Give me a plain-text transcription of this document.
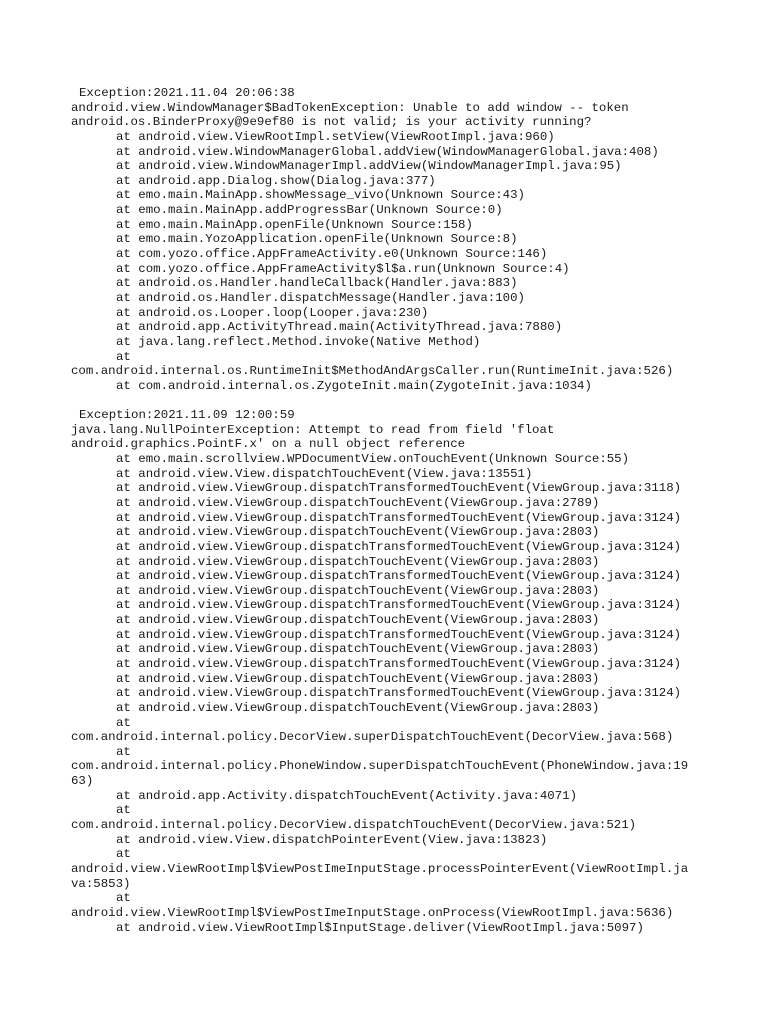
Exception:2021.11.04 20:06:38
android.view.WindowManager$BadTokenException: Unable to add window -- token
android.os.BinderProxy@9e9ef80 is not valid; is your activity running?
at android.view.ViewRootImpl.setView(ViewRootImpl.java:960)
at android.view.WindowManagerGlobal.addView(WindowManagerGlobal.java:408)
at android.view.WindowManagerImpl.addView(WindowManagerImpl.java:95)
at android.app.Dialog.show(Dialog.java:377)
at emo.main.MainApp.showMessage_vivo(Unknown Source:43)
at emo.main.MainApp.addProgressBar(Unknown Source:0)
at emo.main.MainApp.openFile(Unknown Source:158)
at emo.main.YozoApplication.openFile(Unknown Source:8)
at com.yozo.office.AppFrameActivity.e0(Unknown Source:146)
at com.yozo.office.AppFrameActivity$l$a.run(Unknown Source:4)
at android.os.Handler.handleCallback(Handler.java:883)
at android.os.Handler.dispatchMessage(Handler.java:100)
at android.os.Looper.loop(Looper.java:230)
at android.app.ActivityThread.main(ActivityThread.java:7880)
at java.lang.reflect.Method.invoke(Native Method)
at
com.android.internal.os.RuntimeInit$MethodAndArgsCaller.run(RuntimeInit.java:526)
at com.android.internal.os.ZygoteInit.main(ZygoteInit.java:1034)
Exception:2021.11.09 12:00:59
java.lang.NullPointerException: Attempt to read from field 'float
android.graphics.PointF.x' on a null object reference
at emo.main.scrollview.WPDocumentView.onTouchEvent(Unknown Source:55)
at android.view.View.dispatchTouchEvent(View.java:13551)
at android.view.ViewGroup.dispatchTransformedTouchEvent(ViewGroup.java:3118)
at android.view.ViewGroup.dispatchTouchEvent(ViewGroup.java:2789)
at android.view.ViewGroup.dispatchTransformedTouchEvent(ViewGroup.java:3124)
at android.view.ViewGroup.dispatchTouchEvent(ViewGroup.java:2803)
at android.view.ViewGroup.dispatchTransformedTouchEvent(ViewGroup.java:3124)
at android.view.ViewGroup.dispatchTouchEvent(ViewGroup.java:2803)
at android.view.ViewGroup.dispatchTransformedTouchEvent(ViewGroup.java:3124)
at android.view.ViewGroup.dispatchTouchEvent(ViewGroup.java:2803)
at android.view.ViewGroup.dispatchTransformedTouchEvent(ViewGroup.java:3124)
at android.view.ViewGroup.dispatchTouchEvent(ViewGroup.java:2803)
at android.view.ViewGroup.dispatchTransformedTouchEvent(ViewGroup.java:3124)
at android.view.ViewGroup.dispatchTouchEvent(ViewGroup.java:2803)
at android.view.ViewGroup.dispatchTransformedTouchEvent(ViewGroup.java:3124)
at android.view.ViewGroup.dispatchTouchEvent(ViewGroup.java:2803)
at android.view.ViewGroup.dispatchTransformedTouchEvent(ViewGroup.java:3124)
at android.view.ViewGroup.dispatchTouchEvent(ViewGroup.java:2803)
at
com.android.internal.policy.DecorView.superDispatchTouchEvent(DecorView.java:568)
at
com.android.internal.policy.PhoneWindow.superDispatchTouchEvent(PhoneWindow.java:19
63)
at android.app.Activity.dispatchTouchEvent(Activity.java:4071)
at
com.android.internal.policy.DecorView.dispatchTouchEvent(DecorView.java:521)
at android.view.View.dispatchPointerEvent(View.java:13823)
at
android.view.ViewRootImpl$ViewPostImeInputStage.processPointerEvent(ViewRootImpl.ja
va:5853)
at
android.view.ViewRootImpl$ViewPostImeInputStage.onProcess(ViewRootImpl.java:5636)
at android.view.ViewRootImpl$InputStage.deliver(ViewRootImpl.java:5097)
